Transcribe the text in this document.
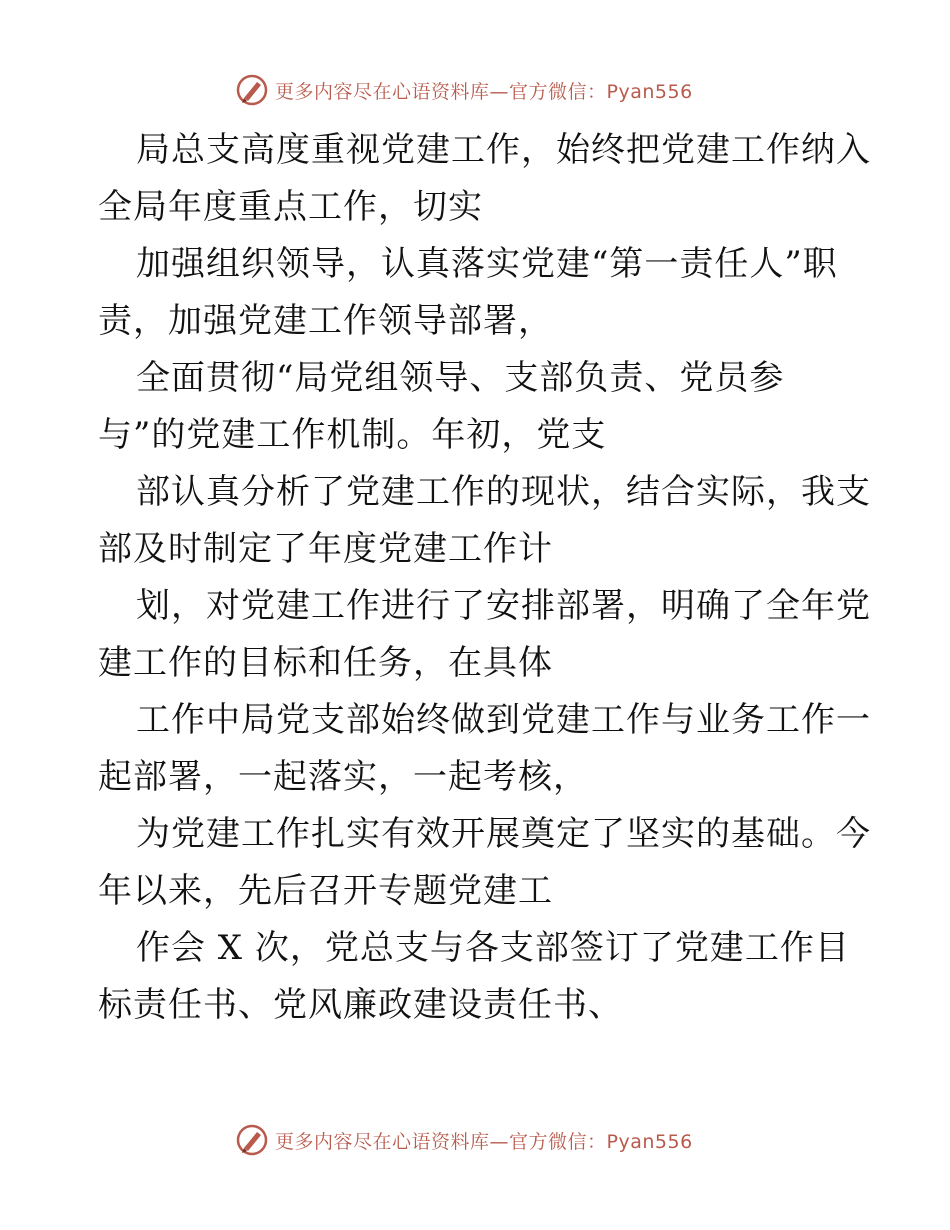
更多内容尽在心语资料库—官方微信：Pyan556
局总支高度重视党建工作，始终把党建工作纳入
全局年度重点工作，切实
加强组织领导，认真落实党建“第一责任人”职
责，加强党建工作领导部署，
全面贯彻“局党组领导、支部负责、党员参
与”的党建工作机制。年初，党支
部认真分析了党建工作的现状，结合实际，我支
部及时制定了年度党建工作计
划，对党建工作进行了安排部署，明确了全年党
建工作的目标和任务，在具体
工作中局党支部始终做到党建工作与业务工作一
起部署，一起落实，一起考核，
为党建工作扎实有效开展奠定了坚实的基础。今
年以来，先后召开专题党建工
作会 X 次，党总支与各支部签订了党建工作目
标责任书、党风廉政建设责任书、
更多内容尽在心语资料库—官方微信：Pyan556
